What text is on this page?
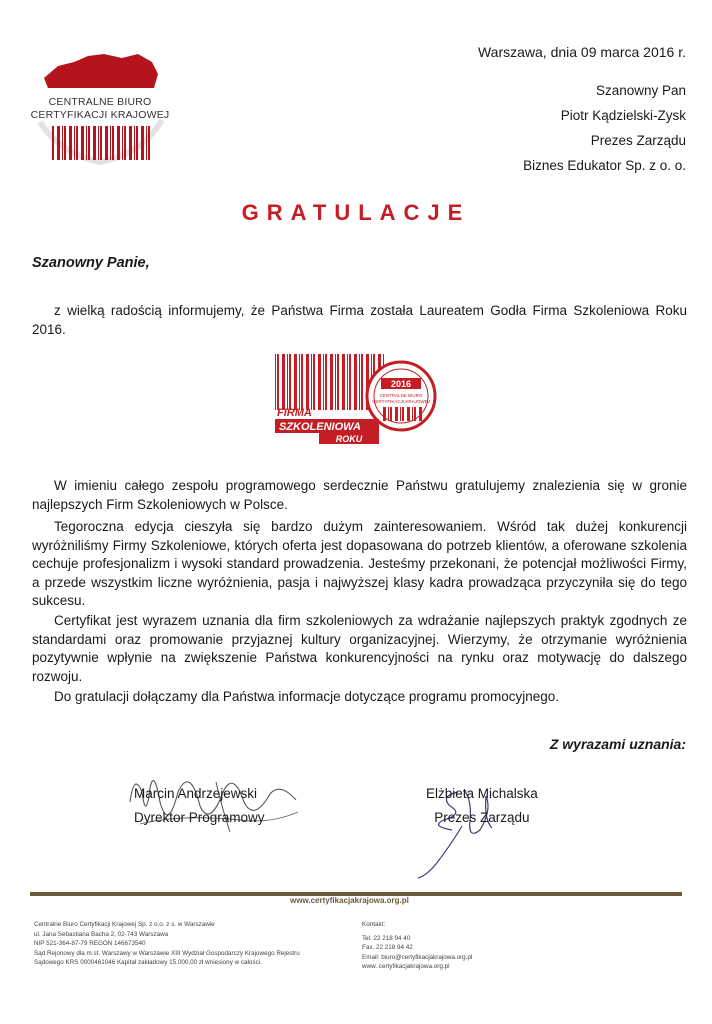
CENTRALNE BIURO
CERTYFIKACJI KRAJOWEJ
Warszawa, dnia 09 marca 2016 r.
Szanowny Pan
Piotr Kądzielski-Zysk
Prezes Zarządu
Biznes Edukator Sp. z o. o.
GRATULACJE
Szanowny Panie,
z wielką radością informujemy, że Państwa Firma została Laureatem Godła Firma Szkoleniowa Roku 2016.
2016
CENTRALNE BIURO
CERTYFIKACJI KRAJOWEJ
FIRMA
SZKOLENIOWA
ROKU
W imieniu całego zespołu programowego serdecznie Państwu gratulujemy znalezienia się w gronie najlepszych Firm Szkoleniowych w Polsce.
Tegoroczna edycja cieszyła się bardzo dużym zainteresowaniem. Wśród tak dużej konkurencji wyróżniliśmy Firmy Szkoleniowe, których oferta jest dopasowana do potrzeb klientów, a oferowane szkolenia cechuje profesjonalizm i wysoki standard prowadzenia. Jesteśmy przekonani, że potencjał możliwości Firmy, a przede wszystkim liczne wyróżnienia, pasja i najwyższej klasy kadra prowadząca przyczyniła się do tego sukcesu.
Certyfikat jest wyrazem uznania dla firm szkoleniowych za wdrażanie najlepszych praktyk zgodnych ze standardami oraz promowanie przyjaznej kultury organizacyjnej. Wierzymy, że otrzymanie wyróżnienia pozytywnie wpłynie na zwiększenie Państwa konkurencyjności na rynku oraz motywację do dalszego rozwoju.
Do gratulacji dołączamy dla Państwa informacje dotyczące programu promocyjnego.
Z wyrazami uznania:
Marcin Andrzejewski
Dyrektor Programowy
Elżbieta Michalska
Prezes Zarządu
www.certyfikacjakrajowa.org.pl
Centralne Biuro Certyfikacji Krajowej Sp. z o.o. z s. w Warszawie
ul. Jana Sebastiana Bacha 2, 02-743 Warszawa
NIP 521-364-87-79 REGON 146673540
Sąd Rejonowy dla m.st. Warszawy w Warszawie XIII Wydział Gospodarczy Krajowego Rejestru
Sądowego KRS 0000461046 Kapitał zakładowy 15.000,00 zł wniesiony w całości.
Kontakt:
Tel. 22 218 94 40
Fax. 22 218 94 42
Email: biuro@certyfikacjakrajowa.org.pl
www. certyfikacjakrajowa.org.pl
